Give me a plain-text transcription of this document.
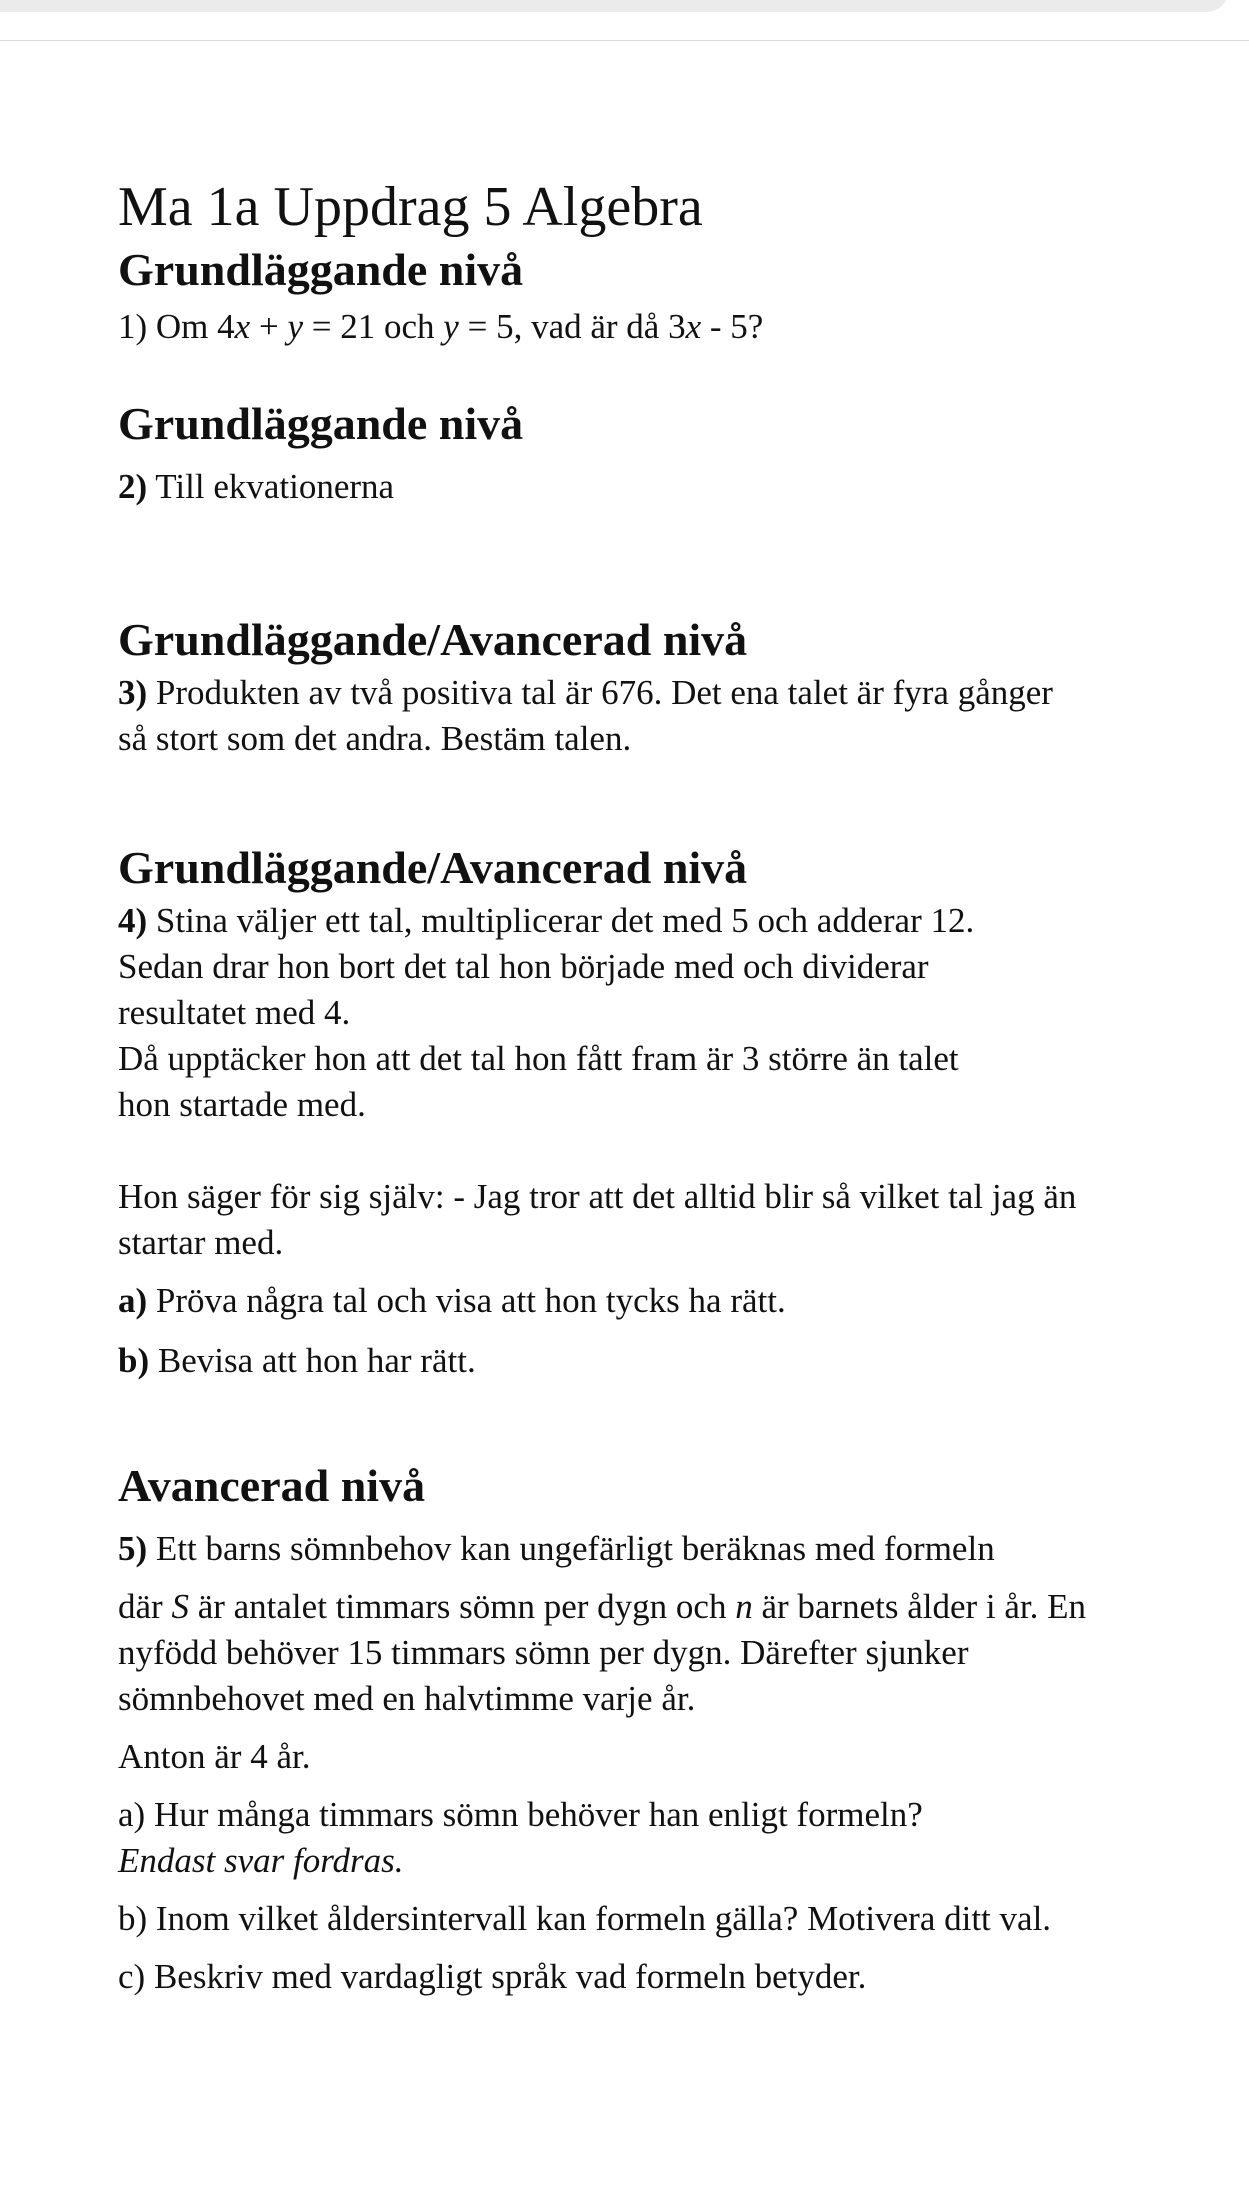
Ma 1a Uppdrag 5 Algebra
Grundläggande nivå

1) Om 4x + y = 21 och y = 5, vad är då 3x - 5?

Grundläggande nivå

2) Till ekvationerna

Grundläggande/Avancerad nivå

3) Produkten av två positiva tal är 676. Det ena talet är fyra gånger så stort som det andra. Bestäm talen.

Grundläggande/Avancerad nivå

4) Stina väljer ett tal, multiplicerar det med 5 och adderar 12.

Sedan drar hon bort det tal hon började med och dividerar

resultatet med 4.

Då upptäcker hon att det tal hon fått fram är 3 större än talet

hon startade med.

Hon säger för sig själv: - Jag tror att det alltid blir så vilket tal jag än startar med.

a) Pröva några tal och visa att hon tycks ha rätt.

b) Bevisa att hon har rätt.

Avancerad nivå

5) Ett barns sömnbehov kan ungefärligt beräknas med formeln

där S är antalet timmars sömn per dygn och n är barnets ålder i år. En nyfödd behöver 15 timmars sömn per dygn. Därefter sjunker sömnbehovet med en halvtimme varje år.

Anton är 4 år.

a) Hur många timmars sömn behöver han enligt formeln?

Endast svar fordras.

b) Inom vilket åldersintervall kan formeln gälla? Motivera ditt val.

c) Beskriv med vardagligt språk vad formeln betyder.
